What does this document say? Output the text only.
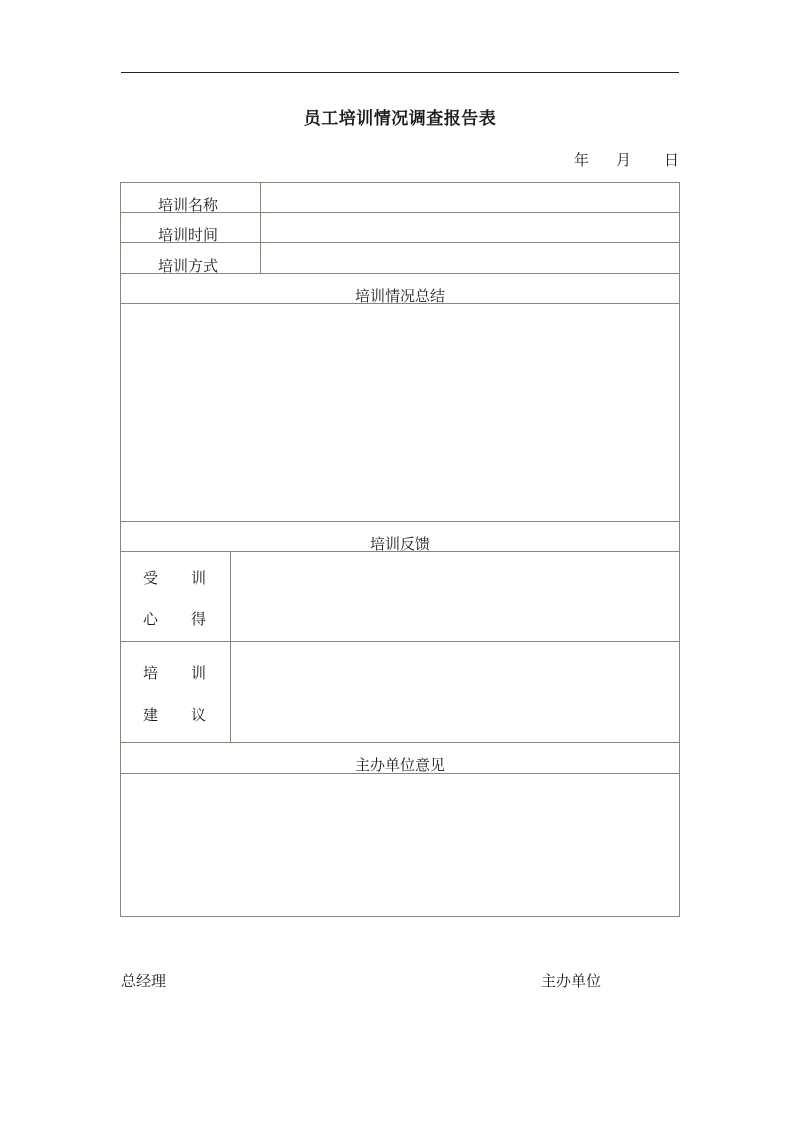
员工培训情况调查报告表
年 月 日
培训名称
培训时间
培训方式
培训情况总结
培训反馈
受 训
心 得
培 训
建 议
主办单位意见
总经理	主办单位
